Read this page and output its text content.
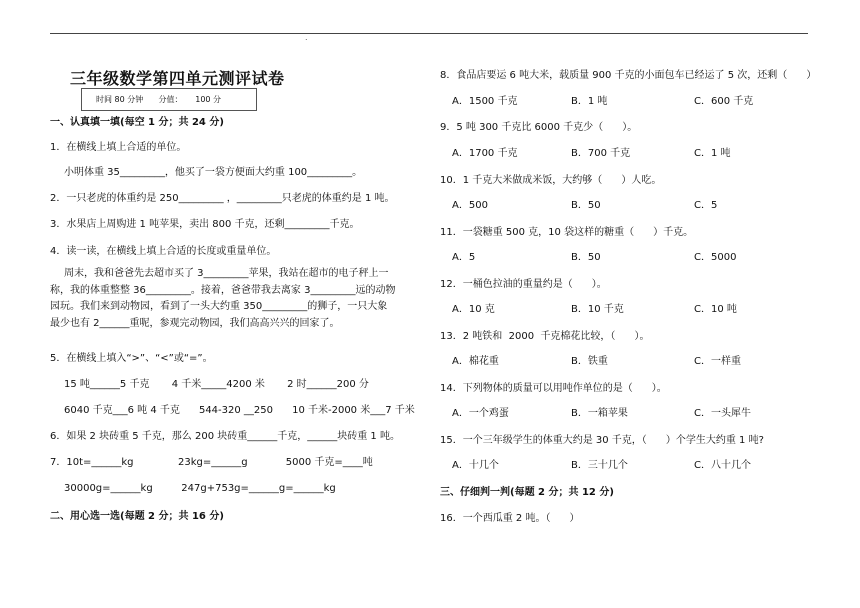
.
三年级数学第四单元测评试卷
时间 80 分钟      分值：     100 分
一、认真填一填(每空 1 分；共 24 分)
1．在横线上填上合适的单位。
小明体重 35_________，他买了一袋方便面大约重 100_________。
2．一只老虎的体重约是 250_________ ，_________只老虎的体重约是 1 吨。
3．水果店上周购进 1 吨苹果，卖出 800 千克，还剩_________千克。
4．读一读，在横线上填上合适的长度或重量单位。
周末，我和爸爸先去超市买了 3_________苹果，我站在超市的电子秤上一称，我的体重整整 36_________。接着，爸爸带我去离家 3_________远的动物园玩。我们来到动物园，看到了一头大约重 350_________的狮子，一只大象最少也有 2______重呢，参观完动物园，我们高高兴兴的回家了。
5．在横线上填入“>”、“<”或“=”。
15 吨______5 千克       4 千米_____4200 米       2 时______200 分
6040 千克___6 吨 4 千克      544-320 __250      10 千米-2000 米___7 千米
6．如果 2 块砖重 5 千克，那么 200 块砖重______千克，______块砖重 1 吨。
7．10t=______kg              23kg=______g            5000 千克=____吨
30000g=______kg         247g+753g=______g=______kg
二、用心选一选(每题 2 分；共 16 分)
8．食品店要运 6 吨大米，载质量 900 千克的小面包车已经运了 5 次，还剩（      ）
A．1500 千克	B．1 吨	C．600 千克
9．5 吨 300 千克比 6000 千克少（      ）。
A．1700 千克	B．700 千克	C．1 吨
10．1 千克大米做成米饭，大约够（      ）人吃。
A．500	B．50	C．5
11．一袋糖重 500 克，10 袋这样的糖重（      ）千克。
A．5	B．50	C．5000
12．一桶色拉油的重量约是（      ）。
A．10 克	B．10 千克	C．10 吨
13．2 吨铁和  2000  千克棉花比较，（      ）。
A．棉花重	B．铁重	C．一样重
14．下列物体的质量可以用吨作单位的是（      ）。
A．一个鸡蛋	B．一箱苹果	C．一头犀牛
15．一个三年级学生的体重大约是 30 千克，（      ）个学生大约重 1 吨?
A．十几个	B．三十几个	C．八十几个
三、仔细判一判(每题 2 分；共 12 分)
16．一个西瓜重 2 吨。（      ）
